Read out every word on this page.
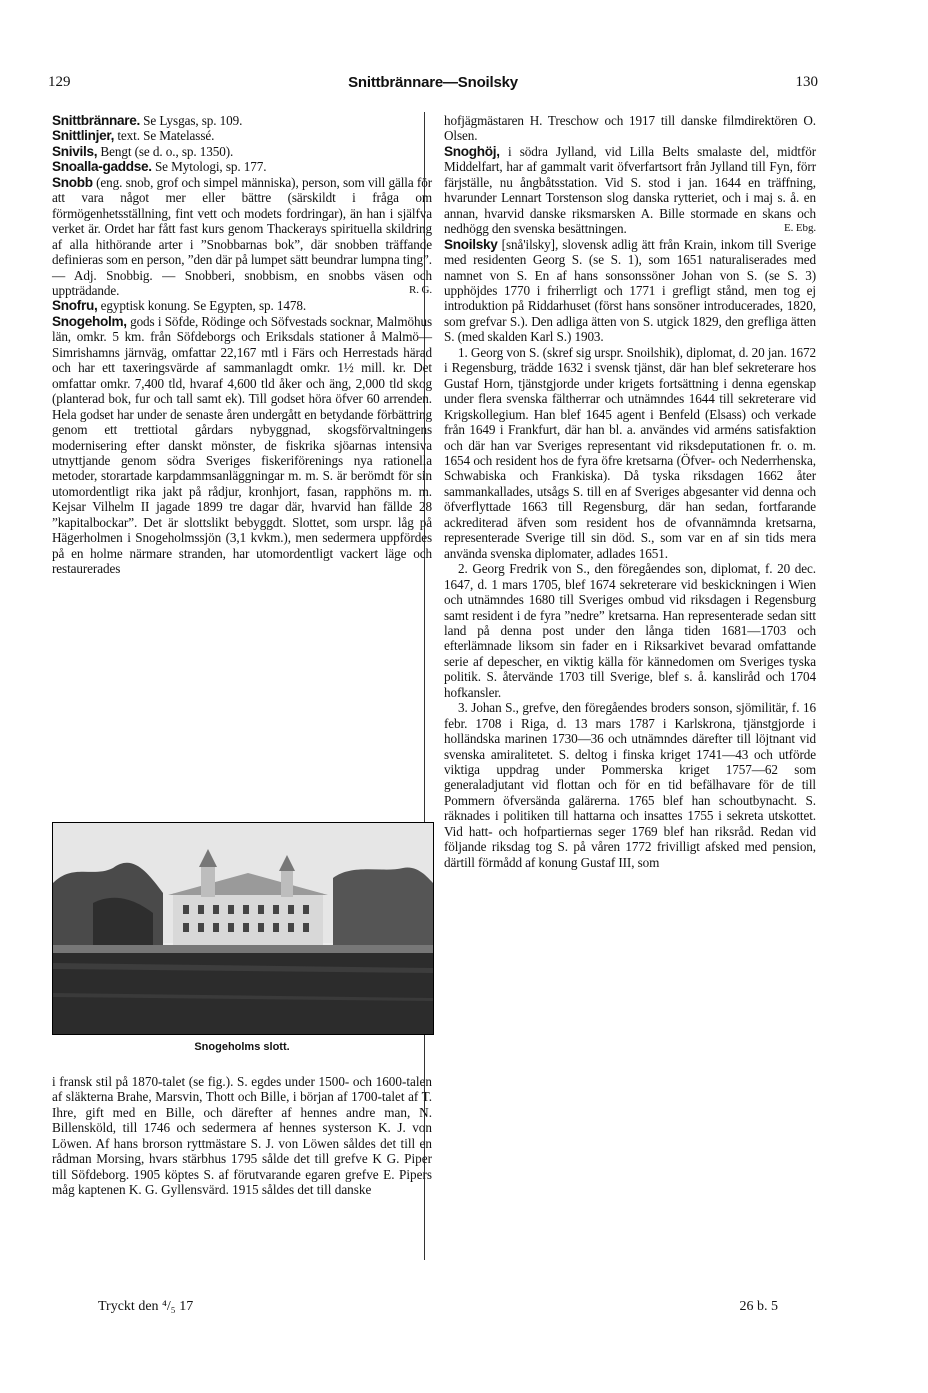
129	Snittbrännare—Snoilsky	130

Snittbrännare. Se Lysgas, sp. 109.

Snittlinjer, text. Se Matelassé.

Snivils, Bengt (se d. o., sp. 1350).

Snoalla-gaddse. Se Mytologi, sp. 177.

Snobb (eng. snob, grof och simpel människa), person, som vill gälla för att vara något mer eller bättre (särskildt i fråga om förmögenhetsställning, fint vett och modets fordringar), än han i själfva verket är. Ordet har fått fast kurs genom Thackerays spirituella skildring af alla hithörande arter i ”Snobbarnas bok”, där snobben träffande definieras som en person, ”den där på lumpet sätt beundrar lumpna ting”. — Adj. Snobbig. — Snobberi, snobbism, en snobbs väsen och uppträdande.	R. G.

Snofru, egyptisk konung. Se Egypten, sp. 1478.

Snogeholm, gods i Söfde, Rödinge och Söfvestads socknar, Malmöhus län, omkr. 5 km. från Söfdeborgs och Eriksdals stationer å Malmö—Simrishamns järnväg, omfattar 22,167 mtl i Färs och Herrestads härad och har ett taxeringsvärde af sammanlagdt omkr. 1½ mill. kr. Det omfattar omkr. 7,400 tld, hvaraf 4,600 tld åker och äng, 2,000 tld skog (planterad bok, fur och tall samt ek). Till godset höra öfver 60 arrenden. Hela godset har under de senaste åren undergått en betydande förbättring genom ett trettiotal gårdars nybyggnad, skogsförvaltningens modernisering efter danskt mönster, de fiskrika sjöarnas intensiva utnyttjande genom södra Sveriges fiskeriförenings nya rationella metoder, storartade karpdammsanläggningar m. m. S. är berömdt för sin utomordentligt rika jakt på rådjur, kronhjort, fasan, rapphöns m. m. Kejsar Vilhelm II jagade 1899 tre dagar där, hvarvid han fällde 28 ”kapitalbockar”. Det är slottslikt bebyggdt. Slottet, som urspr. låg på Hägerholmen i Snogeholmssjön (3,1 kvkm.), men sedermera uppfördes på en holme närmare stranden, har utomordentligt vackert läge och restaurerades

Snogeholms slott.

i fransk stil på 1870-talet (se fig.). S. egdes under 1500- och 1600-talen af släkterna Brahe, Marsvin, Thott och Bille, i början af 1700-talet af T. Ihre, gift med en Bille, och därefter af hennes andre man, N. Billensköld, till 1746 och sedermera af hennes systerson K. J. von Löwen. Af hans brorson ryttmästare S. J. von Löwen såldes det till en rådman Morsing, hvars stärbhus 1795 sålde det till grefve K G. Piper till Söfdeborg. 1905 köptes S. af förutvarande egaren grefve E. Pipers måg kaptenen K. G. Gyllensvärd. 1915 såldes det till danske

hofjägmästaren H. Treschow och 1917 till danske filmdirektören O. Olsen.

Snoghöj, i södra Jylland, vid Lilla Belts smalaste del, midtför Middelfart, har af gammalt varit öfverfartsort från Jylland till Fyn, förr färjställe, nu ångbåtsstation. Vid S. stod i jan. 1644 en träffning, hvarunder Lennart Torstenson slog danska rytteriet, och i maj s. å. en annan, hvarvid danske riksmarsken A. Bille stormade en skans och nedhögg den svenska besättningen.	E. Ebg.

Snoilsky [snå'ilsky], slovensk adlig ätt från Krain, inkom till Sverige med residenten Georg S. (se S. 1), som 1651 naturaliserades med namnet von S. En af hans sonsonssöner Johan von S. (se S. 3) upphöjdes 1770 i friherrligt och 1771 i grefligt stånd, men tog ej introduktion på Riddarhuset (först hans sonsöner introducerades, 1820, som grefvar S.). Den adliga ätten von S. utgick 1829, den grefliga ätten S. (med skalden Karl S.) 1903.

1. Georg von S. (skref sig urspr. Snoilshik), diplomat, d. 20 jan. 1672 i Regensburg, trädde 1632 i svensk tjänst, där han blef sekreterare hos Gustaf Horn, tjänstgjorde under krigets fortsättning i denna egenskap under flera svenska fältherrar och utnämndes 1644 till sekreterare vid Krigskollegium. Han blef 1645 agent i Benfeld (Elsass) och verkade från 1649 i Frankfurt, där han bl. a. användes vid arméns satisfaktion och där han var Sveriges representant vid riksdeputationen fr. o. m. 1654 och resident hos de fyra öfre kretsarna (Öfver- och Nederrhenska, Schwabiska och Frankiska). Då tyska riksdagen 1662 åter sammankallades, utsågs S. till en af Sveriges abgesanter vid denna och öfverflyttade 1663 till Regensburg, där han sedan, fortfarande ackrediterad äfven som resident hos de ofvannämnda kretsarna, representerade Sverige till sin död. S., som var en af sin tids mera använda svenska diplomater, adlades 1651.

2. Georg Fredrik von S., den föregåendes son, diplomat, f. 20 dec. 1647, d. 1 mars 1705, blef 1674 sekreterare vid beskickningen i Wien och utnämndes 1680 till Sveriges ombud vid riksdagen i Regensburg samt resident i de fyra ”nedre” kretsarna. Han representerade sedan sitt land på denna post under den långa tiden 1681—1703 och efterlämnade liksom sin fader en i Riksarkivet bevarad omfattande serie af depescher, en viktig källa för kännedomen om Sveriges tyska politik. S. återvände 1703 till Sverige, blef s. å. kansliråd och 1704 hofkansler.

3. Johan S., grefve, den föregåendes broders sonson, sjömilitär, f. 16 febr. 1708 i Riga, d. 13 mars 1787 i Karlskrona, tjänstgjorde i holländska marinen 1730—36 och utnämndes därefter till löjtnant vid svenska amiralitetet. S. deltog i finska kriget 1741—43 och utförde viktiga uppdrag under Pommerska kriget 1757—62 som generaladjutant vid flottan och för en tid befälhavare för de till Pommern öfversända galärerna. 1765 blef han schoutbynacht. S. räknades i politiken till hattarna och insattes 1755 i sekreta utskottet. Vid hatt- och hofpartiernas seger 1769 blef han riksråd. Redan vid följande riksdag tog S. på våren 1772 frivilligt afsked med pension, därtill förmådd af konung Gustaf III, som

Tryckt den ⁴/₅ 17	26 b. 5
